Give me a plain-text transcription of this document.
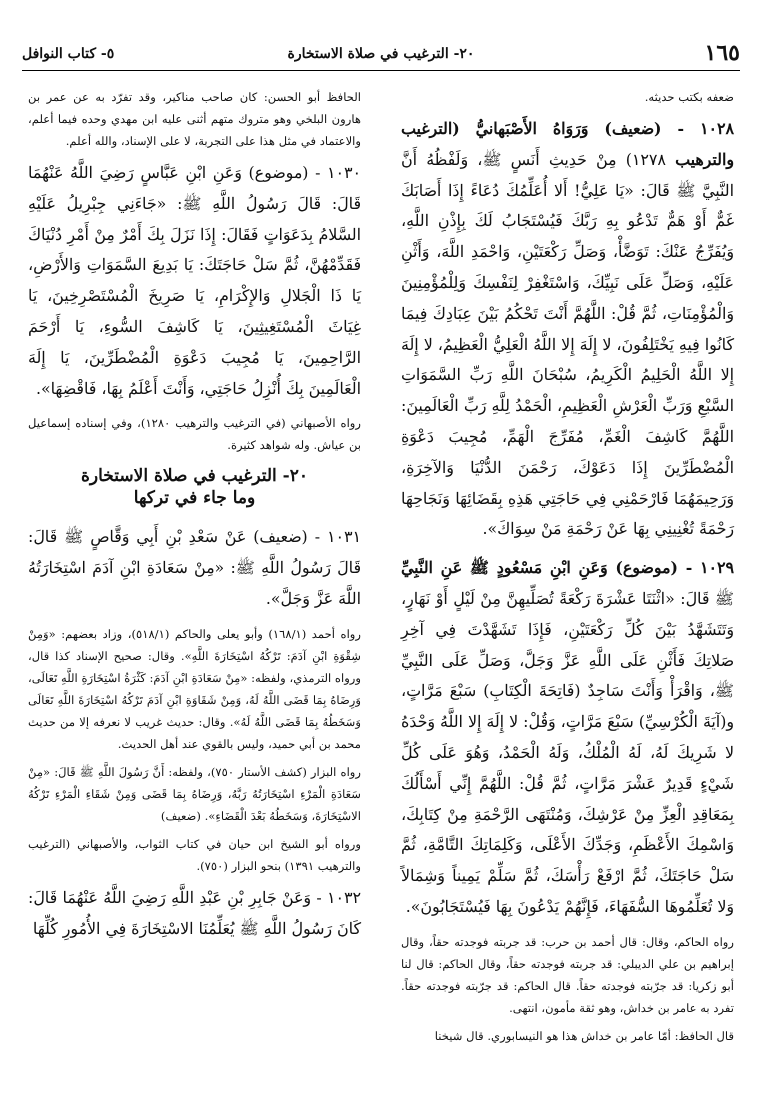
١٦٥
٢٠- الترغيب في صلاة الاستخارة
٥- كتاب النوافل

ضعفه بكتب حديثه.

١٠٢٨ - (ضعيف) وَرَوَاهُ الأَصْبَهانيُّ (الترغيب والترهيب ١٢٧٨) مِنْ حَدِيثِ أَنَسٍ ﷺ، وَلَفْظُهُ أَنَّ النَّبِيَّ ﷺ قَالَ: «يَا عَلِيُّ! أَلا أُعَلِّمُكَ دُعَاءً إِذَا أَصَابَكَ غَمٌّ أَوْ هَمٌّ تَدْعُو بِهِ رَبَّكَ فَيُسْتَجَابُ لَكَ بِإِذْنِ اللَّهِ، وَيُفَرِّجُ عَنْكَ: تَوَضَّأْ، وَصَلِّ رَكْعَتَيْنِ، وَاحْمَدِ اللَّهَ، وَأَثْنِ عَلَيْهِ، وَصَلِّ عَلَى نَبِيِّكَ، وَاسْتَغْفِرْ لِنَفْسِكَ وَلِلْمُؤْمِنِينَ وَالْمُؤْمِنَاتِ، ثُمَّ قُلْ: اللَّهُمَّ أَنْتَ تَحْكُمُ بَيْنَ عِبَادِكَ فِيمَا كَانُوا فِيهِ يَخْتَلِفُونَ، لا إِلَهَ إِلا اللَّهُ الْعَلِيُّ الْعَظِيمُ، لا إِلَهَ إِلا اللَّهُ الْحَلِيمُ الْكَرِيمُ، سُبْحَانَ اللَّهِ رَبِّ السَّمَوَاتِ السَّبْعِ وَرَبِّ الْعَرْشِ الْعَظِيمِ، الْحَمْدُ لِلَّهِ رَبِّ الْعَالَمِينَ: اللَّهُمَّ كَاشِفَ الْغَمِّ، مُفَرِّجَ الْهَمِّ، مُجِيبَ دَعْوَةِ الْمُضْطَرِّينَ إِذَا دَعَوْكَ، رَحْمَنَ الدُّنْيَا وَالآخِرَةِ، وَرَحِيمَهُمَا فَارْحَمْنِي فِي حَاجَتِي هَذِهِ بِقَضَائِهَا وَنَجَاحِهَا رَحْمَةً تُغْنِينِي بِهَا عَنْ رَحْمَةِ مَنْ سِوَاكَ».

١٠٢٩ - (موضوع) وَعَنِ ابْنِ مَسْعُودٍ ﷺ عَنِ النَّبِيِّ ﷺ قَالَ: «اثْنَتَا عَشْرَةَ رَكْعَةً تُصَلِّيهِنَّ مِنْ لَيْلٍ أَوْ نَهَارٍ، وَتَتَشَهَّدُ بَيْنَ كُلِّ رَكْعَتَيْنِ، فَإِذَا تَشَهَّدْتَ فِي آخِرِ صَلاتِكَ فَأَثْنِ عَلَى اللَّهِ عَزَّ وَجَلَّ، وَصَلِّ عَلَى النَّبِيِّ ﷺ، وَاقْرَأْ وَأَنْتَ سَاجِدٌ (فَاتِحَةَ الْكِتَابِ) سَبْعَ مَرَّاتٍ، و(آيَةَ الْكُرْسِيِّ) سَبْعَ مَرَّاتٍ، وَقُلْ: لا إِلَهَ إِلا اللَّهُ وَحْدَهُ لا شَرِيكَ لَهُ، لَهُ الْمُلْكُ، وَلَهُ الْحَمْدُ، وَهُوَ عَلَى كُلِّ شَيْءٍ قَدِيرٌ عَشْرَ مَرَّاتٍ، ثُمَّ قُلْ: اللَّهُمَّ إِنِّي أَسْأَلُكَ بِمَعَاقِدِ الْعِزِّ مِنْ عَرْشِكَ، وَمُنْتَهَى الرَّحْمَةِ مِنْ كِتَابِكَ، وَاسْمِكَ الأَعْظَمِ، وَجَدِّكَ الأَعْلَى، وَكَلِمَاتِكَ التَّامَّةِ، ثُمَّ سَلْ حَاجَتَكَ، ثُمَّ ارْفَعْ رَأْسَكَ، ثُمَّ سَلِّمْ يَمِيناً وَشِمَالاً وَلا تُعَلِّمُوهَا السُّفَهَاءَ، فَإِنَّهُمْ يَدْعُونَ بِهَا فَيُسْتَجَابُونَ».

رواه الحاكم، وقال: قال أحمد بن حرب: قد جربته فوجدته حقاً، وقال إبراهيم بن علي الديبلي: قد جربته فوجدته حقاً، وقال الحاكم: قال لنا أبو زكريا: قد جرّبته فوجدته حقاً. قال الحاكم: قد جرّبته فوجدته حقاً. تفرد به عامر بن خداش، وهو ثقة مأمون، انتهى.

قال الحافظ: أمّا عامر بن خداش هذا هو النيسابوري. قال شيخنا

الحافظ أبو الحسن: كان صاحب مناكير، وقد تفرّد به عن عمر بن هارون البلخي وهو متروك متهم أثنى عليه ابن مهدي وحده فيما أعلم، والاعتماد في مثل هذا على التجربة، لا على الإسناد، والله أعلم.

١٠٣٠ - (موضوع) وَعَنِ ابْنِ عَبَّاسٍ رَضِيَ اللَّهُ عَنْهُمَا قَالَ: قَالَ رَسُولُ اللَّهِ ﷺ: «جَاءَنِي جِبْرِيلُ عَلَيْهِ السَّلامُ بِدَعَوَاتٍ فَقَالَ: إِذَا نَزَلَ بِكَ أَمْرٌ مِنْ أَمْرِ دُنْيَاكَ فَقَدِّمْهُنَّ، ثُمَّ سَلْ حَاجَتَكَ: يَا بَدِيعَ السَّمَوَاتِ وَالأَرْضِ، يَا ذَا الْجَلالِ وَالإِكْرَامِ، يَا صَرِيخَ الْمُسْتَصْرِخِينَ، يَا غِيَاثَ الْمُسْتَغِيثِينَ، يَا كَاشِفَ السُّوءِ، يَا أَرْحَمَ الرَّاحِمِينَ، يَا مُجِيبَ دَعْوَةِ الْمُضْطَرِّينَ، يَا إِلَهَ الْعَالَمِينَ بِكَ أُنْزِلُ حَاجَتِي، وَأَنْتَ أَعْلَمُ بِهَا، فَاقْضِهَا».

رواه الأصبهاني (في الترغيب والترهيب ١٢٨٠)، وفي إسناده إسماعيل بن عياش. وله شواهد كثيرة.

٢٠- الترغيب في صلاة الاستخارة
وما جاء في تركها

١٠٣١ - (ضعيف) عَنْ سَعْدِ بْنِ أَبِي وَقَّاصٍ ﷺ قَالَ: قَالَ رَسُولُ اللَّهِ ﷺ: «مِنْ سَعَادَةِ ابْنِ آدَمَ اسْتِخَارَتُهُ اللَّهَ عَزَّ وَجَلَّ».

رواه أحمد (١٦٨/١) وأبو يعلى والحاكم (٥١٨/١)، وزاد بعضهم: «وَمِنْ شِقْوَةِ ابْنِ آدَمَ: تَرْكُهُ اسْتِخَارَةَ اللَّهِ». وقال: صحيح الإسناد كذا قال، ورواه الترمذي، ولفظه: «مِنْ سَعَادَةِ ابْنِ آدَمَ: كَثْرَةُ اسْتِخَارَةِ اللَّهِ تَعَالَى، وَرِضَاهُ بِمَا قَضَى اللَّهُ لَهُ، وَمِنْ شَقَاوَةِ ابْنِ آدَمَ تَرْكُهُ اسْتِخَارَةَ اللَّهِ تَعَالَى وَسَخَطُهُ بِمَا قَضَى اللَّهُ لَهُ». وقال: حديث غريب لا نعرفه إلا من حديث محمد بن أبي حميد، وليس بالقوي عند أهل الحديث.

رواه البزار (كشف الأستار ٧٥٠)، ولفظه: أَنَّ رَسُولَ اللَّهِ ﷺ قَالَ: «مِنْ سَعَادَةِ الْمَرْءِ اسْتِخَارَتُهُ رَبَّهُ، وَرِضَاهُ بِمَا قَضَى وَمِنْ شَقَاءِ الْمَرْءِ تَرْكُهُ الاسْتِخَارَةَ، وَسَخَطُهُ بَعْدَ الْقَضَاءِ». (ضعيف)

ورواه أبو الشيخ ابن حيان في كتاب الثواب، والأصبهاني (الترغيب والترهيب ١٣٩١) بنحو البزار (٧٥٠).

١٠٣٢ - وَعَنْ جَابِرِ بْنِ عَبْدِ اللَّهِ رَضِيَ اللَّهُ عَنْهُمَا قَالَ: كَانَ رَسُولُ اللَّهِ ﷺ يُعَلِّمُنَا الاسْتِخَارَةَ فِي الأُمُورِ كُلِّهَا
